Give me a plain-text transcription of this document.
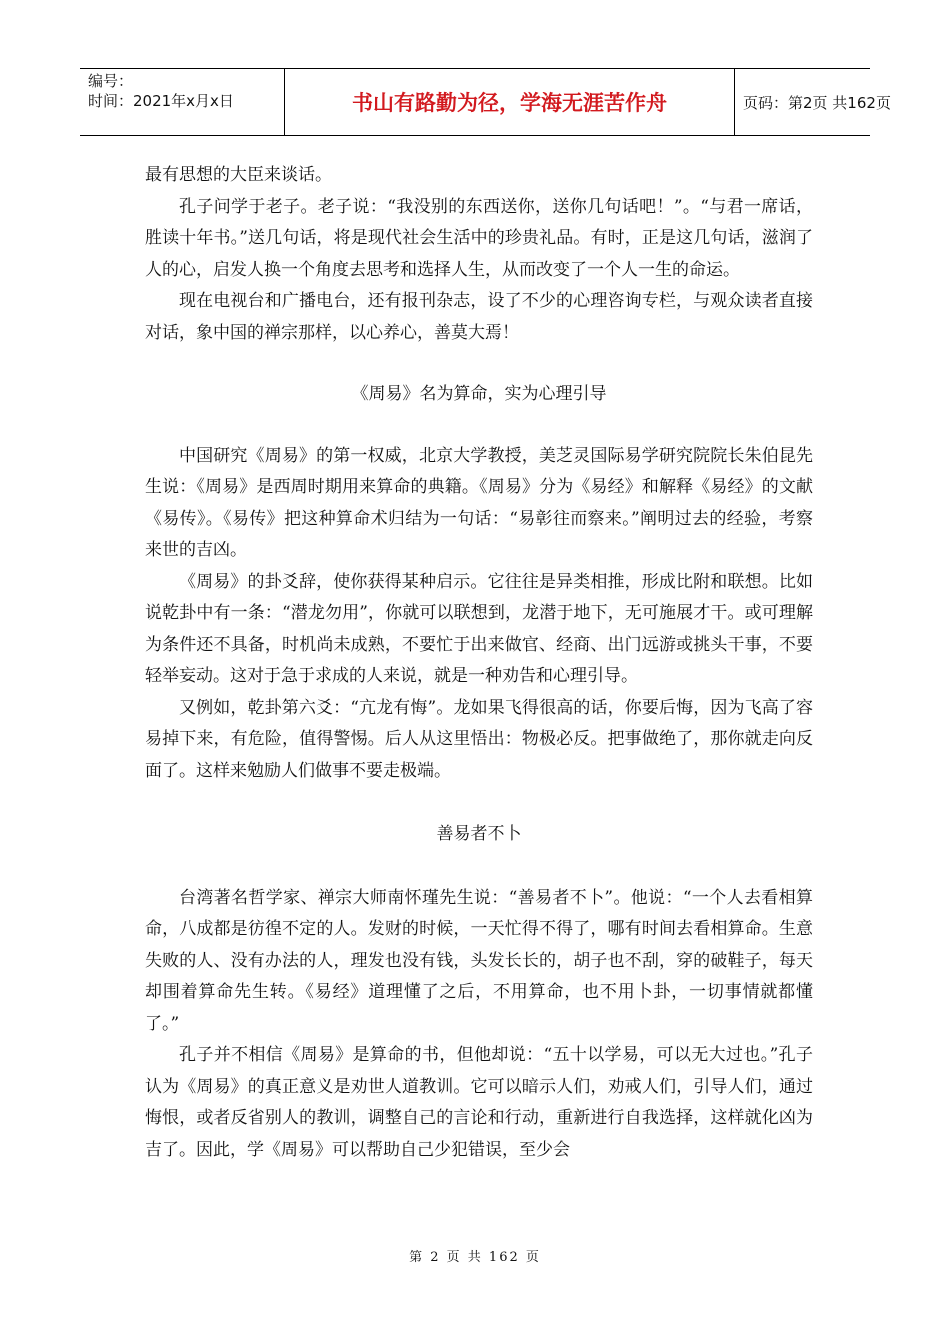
编号：
时间：2021年x月x日	书山有路勤为径，学海无涯苦作舟	页码：第2页 共162页

最有思想的大臣来谈话。

孔子问学于老子。老子说：“我没别的东西送你，送你几句话吧！”。“与君一席话，胜读十年书。”送几句话，将是现代社会生活中的珍贵礼品。有时，正是这几句话，滋润了人的心，启发人换一个角度去思考和选择人生，从而改变了一个人一生的命运。

现在电视台和广播电台，还有报刊杂志，设了不少的心理咨询专栏，与观众读者直接对话，象中国的禅宗那样，以心养心，善莫大焉！

《周易》名为算命，实为心理引导

中国研究《周易》的第一权威，北京大学教授，美芝灵国际易学研究院院长朱伯昆先生说：《周易》是西周时期用来算命的典籍。《周易》分为《易经》和解释《易经》的文献《易传》。《易传》把这种算命术归结为一句话：“易彰往而察来。”阐明过去的经验，考察来世的吉凶。

《周易》的卦爻辞，使你获得某种启示。它往往是异类相推，形成比附和联想。比如说乾卦中有一条：“潜龙勿用”，你就可以联想到，龙潜于地下，无可施展才干。或可理解为条件还不具备，时机尚未成熟，不要忙于出来做官、经商、出门远游或挑头干事，不要轻举妄动。这对于急于求成的人来说，就是一种劝告和心理引导。

又例如，乾卦第六爻：“亢龙有悔”。龙如果飞得很高的话，你要后悔，因为飞高了容易掉下来，有危险，值得警惕。后人从这里悟出：物极必反。把事做绝了，那你就走向反面了。这样来勉励人们做事不要走极端。

善易者不卜

台湾著名哲学家、禅宗大师南怀瑾先生说：“善易者不卜”。他说：“一个人去看相算命，八成都是彷徨不定的人。发财的时候，一天忙得不得了，哪有时间去看相算命。生意失败的人、没有办法的人，理发也没有钱，头发长长的，胡子也不刮，穿的破鞋子，每天却围着算命先生转。《易经》道理懂了之后，不用算命，也不用卜卦，一切事情就都懂了。”

孔子并不相信《周易》是算命的书，但他却说：“五十以学易，可以无大过也。”孔子认为《周易》的真正意义是劝世人道教训。它可以暗示人们，劝戒人们，引导人们，通过悔恨，或者反省别人的教训，调整自己的言论和行动，重新进行自我选择，这样就化凶为吉了。因此，学《周易》可以帮助自己少犯错误，至少会

第 2 页 共 162 页
